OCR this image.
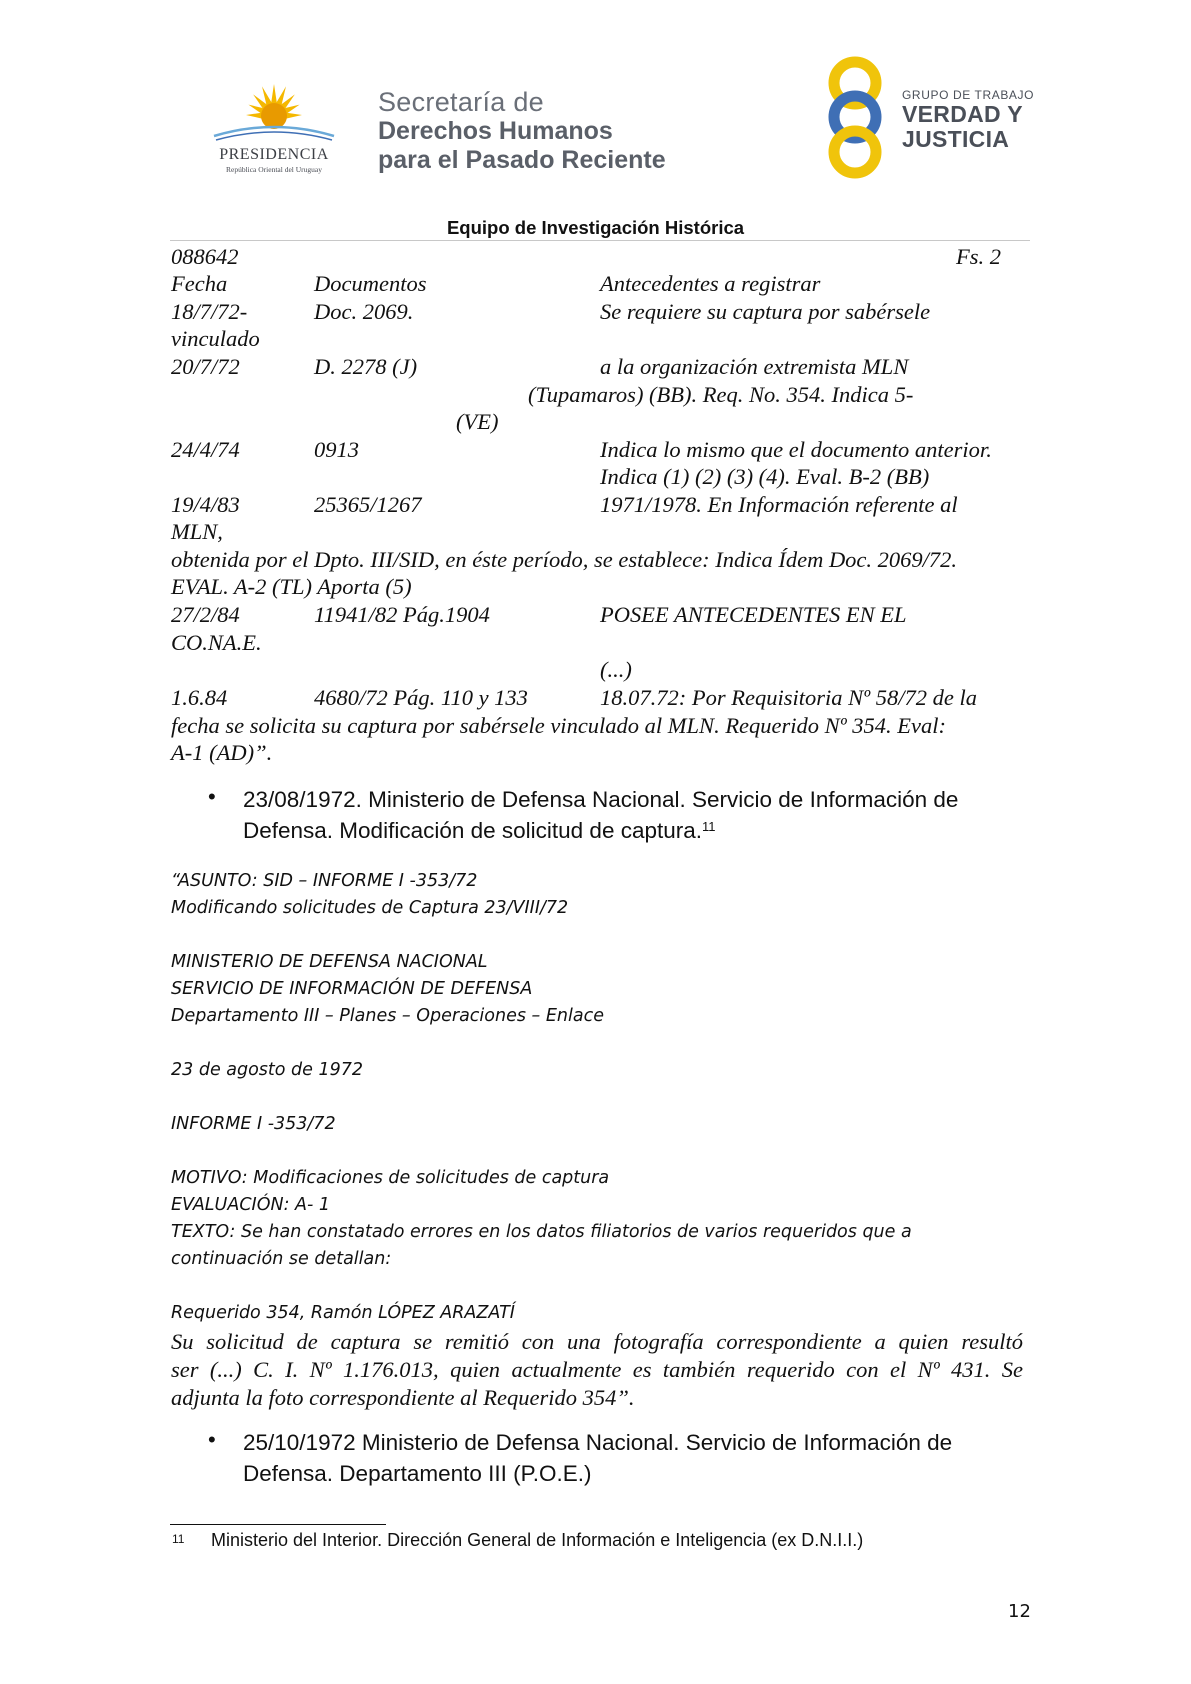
PRESIDENCIA
República Oriental del Uruguay
Secretaría de
Derechos Humanos
para el Pasado Reciente
GRUPO DE TRABAJO
VERDAD Y
JUSTICIA
Equipo de Investigación Histórica
088642	Fs. 2
Fecha	Documentos	Antecedentes a registrar
18/7/72-	Doc. 2069.	Se requiere su captura por sabérsele
vinculado
20/7/72	D. 2278 (J)	a la organización extremista MLN
(Tupamaros) (BB). Req. No. 354. Indica 5-
(VE)
24/4/74	0913	Indica lo mismo que el documento anterior.
Indica (1) (2) (3) (4). Eval. B-2 (BB)
19/4/83	25365/1267	1971/1978. En Información referente al
MLN,
obtenida por el Dpto. III/SID, en éste período, se establece: Indica Ídem Doc. 2069/72.
EVAL. A-2 (TL) Aporta (5)
27/2/84	11941/82 Pág.1904	POSEE ANTECEDENTES EN EL
CO.NA.E.
(...)
1.6.84	4680/72 Pág. 110 y 133	18.07.72: Por Requisitoria Nº 58/72 de la
fecha se solicita su captura por sabérsele vinculado al MLN. Requerido Nº 354. Eval:
A-1 (AD)”.
• 23/08/1972. Ministerio de Defensa Nacional. Servicio de Información de
Defensa. Modificación de solicitud de captura.$^{11}$
“ASUNTO: SID – INFORME I -353/72
Modificando solicitudes de Captura 23/VIII/72
MINISTERIO DE DEFENSA NACIONAL
SERVICIO DE INFORMACIÓN DE DEFENSA
Departamento III – Planes – Operaciones – Enlace
23 de agosto de 1972
INFORME I -353/72
MOTIVO: Modificaciones de solicitudes de captura
EVALUACIÓN: A- 1
TEXTO: Se han constatado errores en los datos filiatorios de varios requeridos que a
continuación se detallan:
Requerido 354, Ramón LÓPEZ ARAZATÍ
Su solicitud de captura se remitió con una fotografía correspondiente a quien resultó
ser (...) C. I. Nº 1.176.013, quien actualmente es también requerido con el Nº 431. Se
adjunta la foto correspondiente al Requerido 354”.
• 25/10/1972 Ministerio de Defensa Nacional. Servicio de Información de
Defensa. Departamento III (P.O.E.)
11 Ministerio del Interior. Dirección General de Información e Inteligencia (ex D.N.I.I.)
12
